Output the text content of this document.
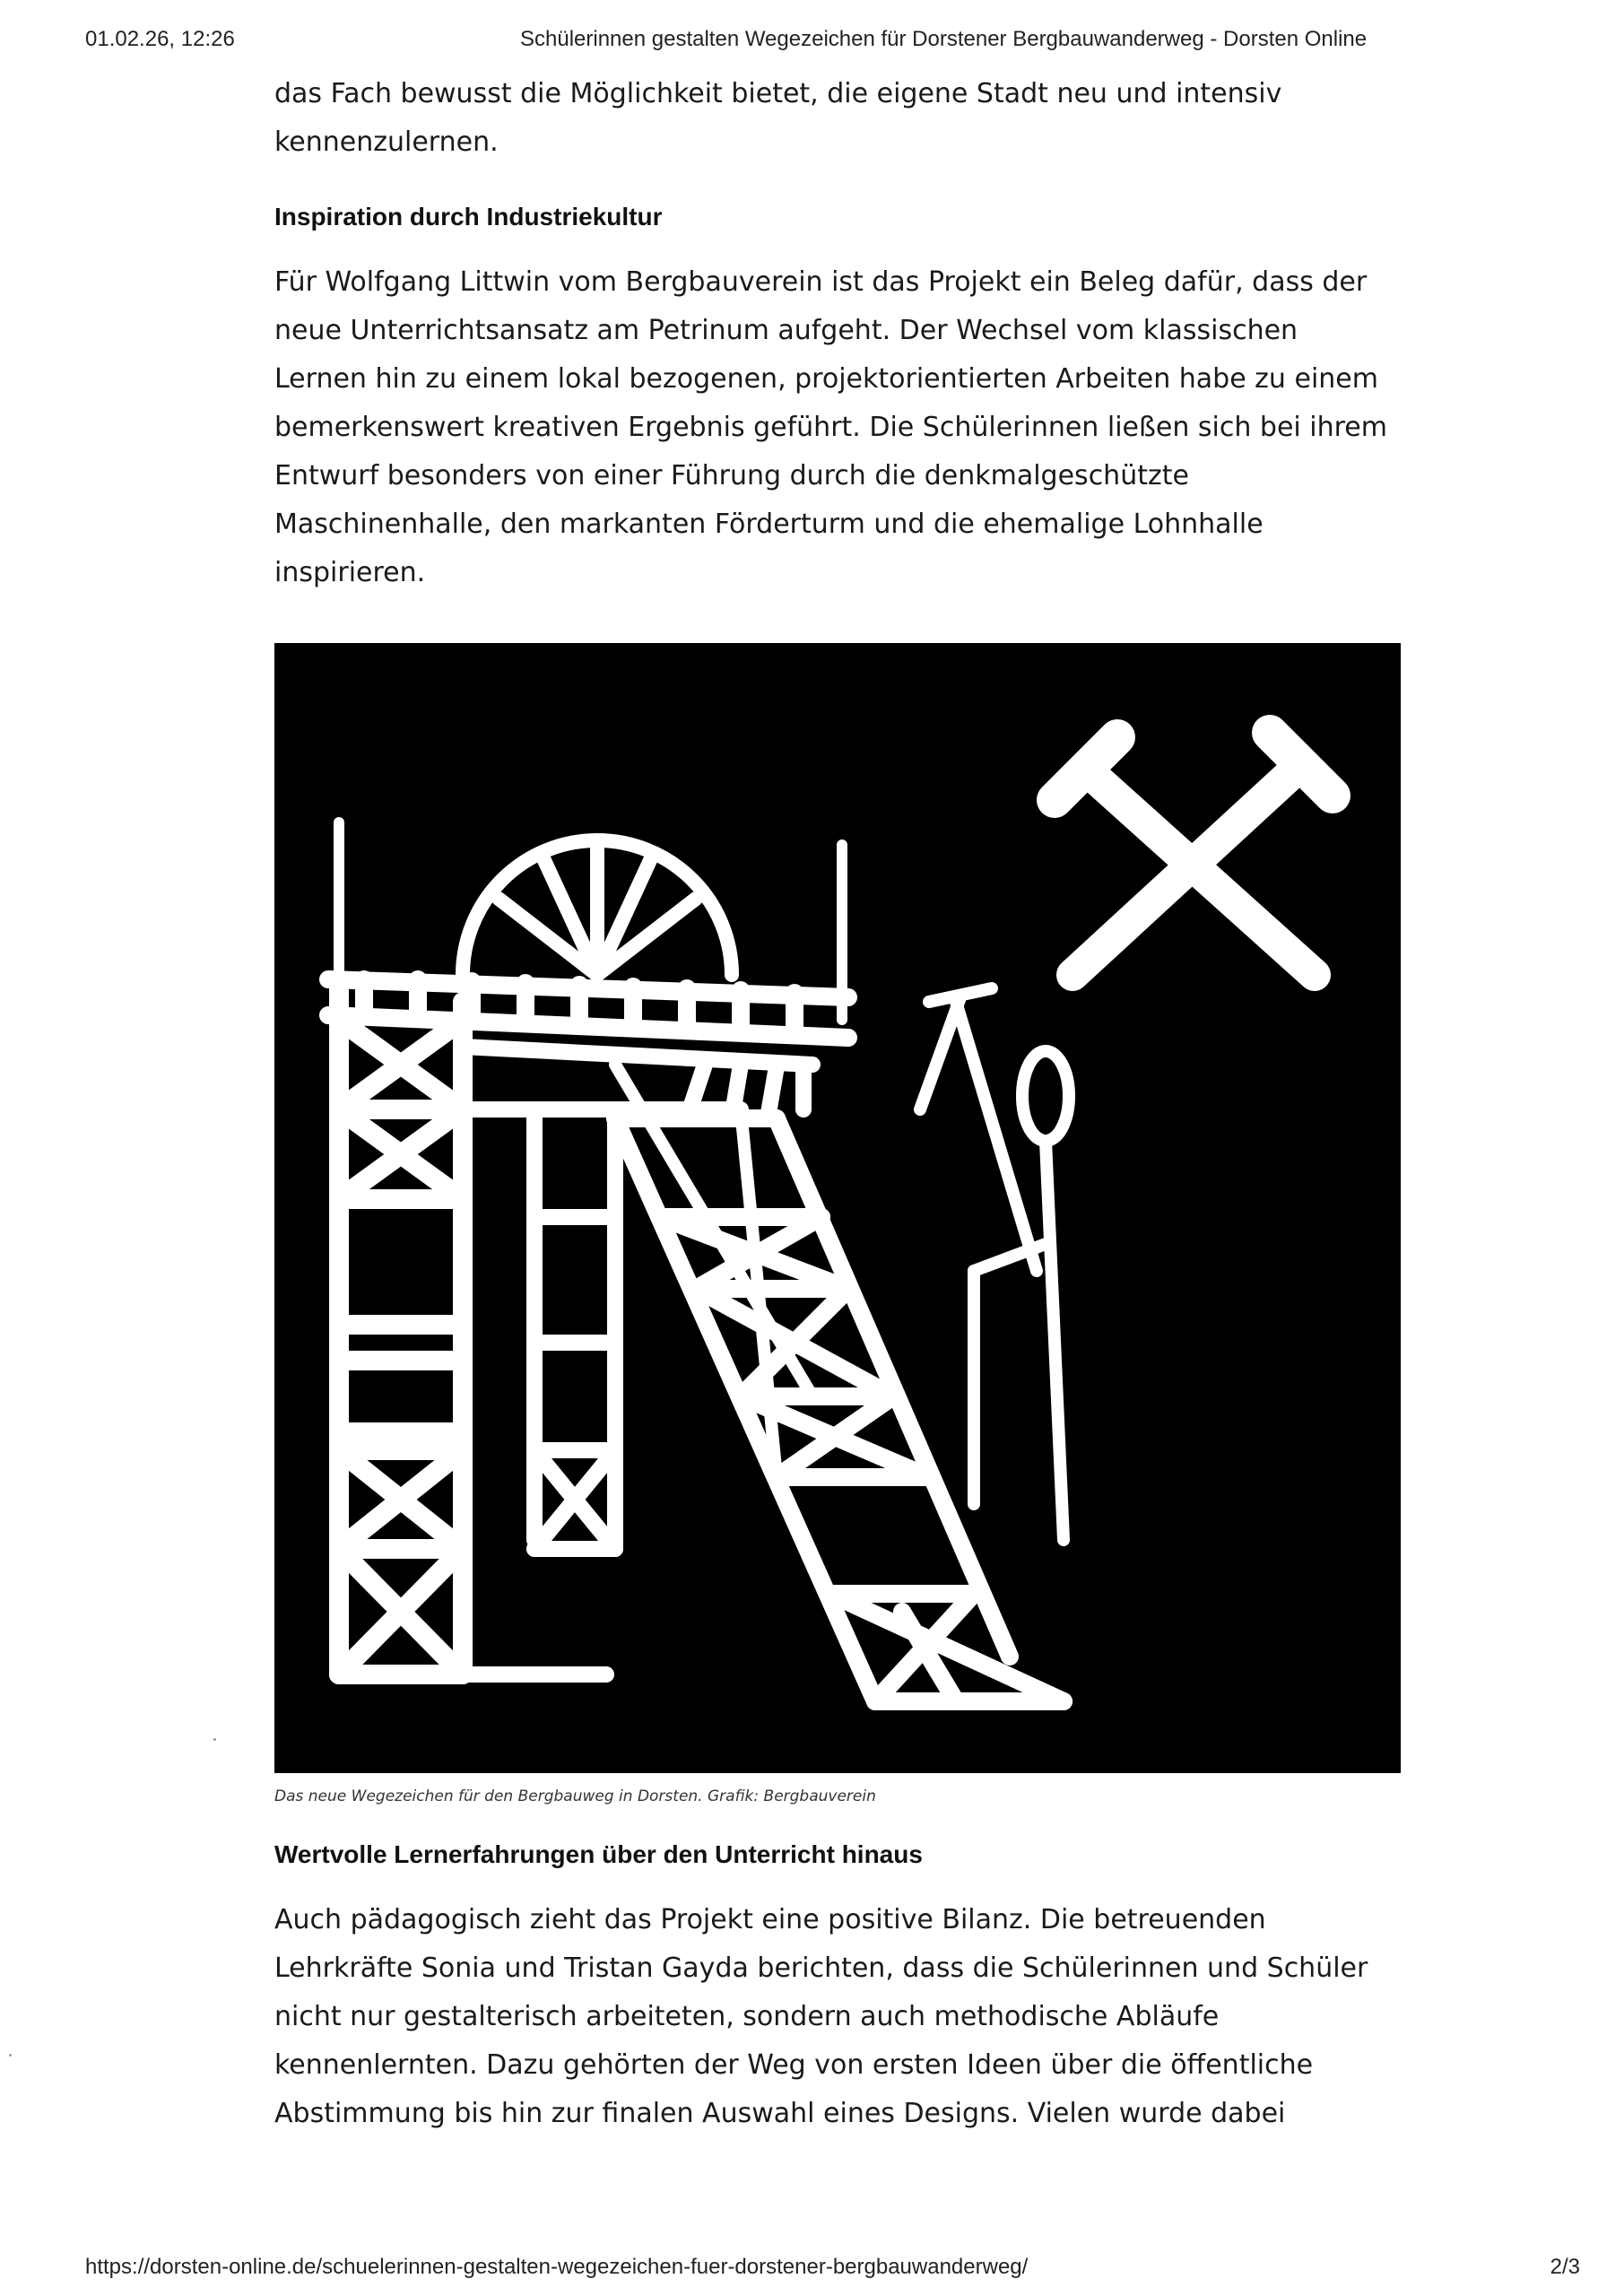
01.02.26, 12:26	Schülerinnen gestalten Wegezeichen für Dorstener Bergbauwanderweg - Dorsten Online

das Fach bewusst die Möglichkeit bietet, die eigene Stadt neu und intensiv
kennenzulernen.

Inspiration durch Industriekultur

Für Wolfgang Littwin vom Bergbauverein ist das Projekt ein Beleg dafür, dass der
neue Unterrichtsansatz am Petrinum aufgeht. Der Wechsel vom klassischen
Lernen hin zu einem lokal bezogenen, projektorientierten Arbeiten habe zu einem
bemerkenswert kreativen Ergebnis geführt. Die Schülerinnen ließen sich bei ihrem
Entwurf besonders von einer Führung durch die denkmalgeschützte
Maschinenhalle, den markanten Förderturm und die ehemalige Lohnhalle
inspirieren.

Das neue Wegezeichen für den Bergbauweg in Dorsten. Grafik: Bergbauverein
Wertvolle Lernerfahrungen über den Unterricht hinaus

Auch pädagogisch zieht das Projekt eine positive Bilanz. Die betreuenden
Lehrkräfte Sonia und Tristan Gayda berichten, dass die Schülerinnen und Schüler
nicht nur gestalterisch arbeiteten, sondern auch methodische Abläufe
kennenlernten. Dazu gehörten der Weg von ersten Ideen über die öffentliche
Abstimmung bis hin zur finalen Auswahl eines Designs. Vielen wurde dabei

https://dorsten-online.de/schuelerinnen-gestalten-wegezeichen-fuer-dorstener-bergbauwanderweg/	2/3
